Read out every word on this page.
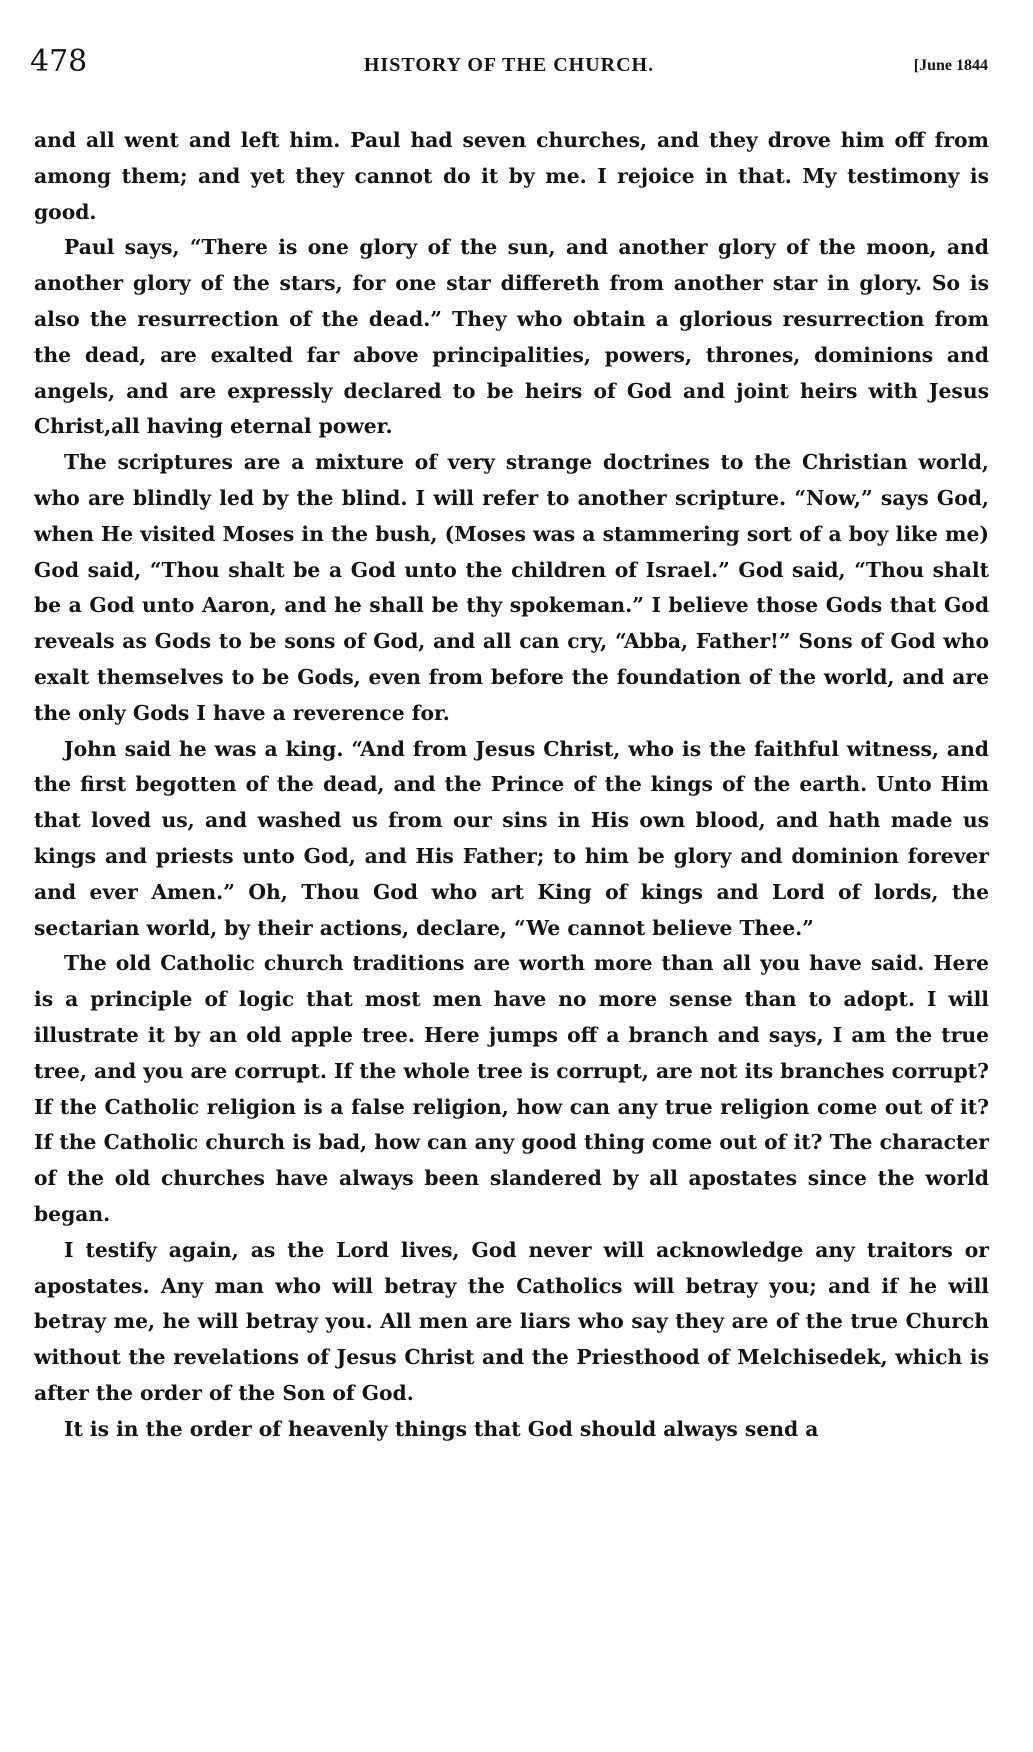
478	HISTORY OF THE CHURCH.	[June 1844

and all went and left him. Paul had seven churches, and they drove him off from among them; and yet they cannot do it by me. I rejoice in that. My testimony is good.

Paul says, “There is one glory of the sun, and another glory of the moon, and another glory of the stars, for one star differeth from another star in glory. So is also the resurrection of the dead.” They who obtain a glorious resurrection from the dead, are exalted far above principalities, powers, thrones, dominions and angels, and are expressly declared to be heirs of God and joint heirs with Jesus Christ,all having eternal power.

The scriptures are a mixture of very strange doctrines to the Christian world, who are blindly led by the blind. I will refer to another scripture. “Now,” says God, when He visited Moses in the bush, (Moses was a stammering sort of a boy like me) God said, “Thou shalt be a God unto the children of Israel.” God said, “Thou shalt be a God unto Aaron, and he shall be thy spokeman.” I believe those Gods that God reveals as Gods to be sons of God, and all can cry, “Abba, Father!” Sons of God who exalt themselves to be Gods, even from before the foundation of the world, and are the only Gods I have a reverence for.

John said he was a king. “And from Jesus Christ, who is the faithful witness, and the first begotten of the dead, and the Prince of the kings of the earth. Unto Him that loved us, and washed us from our sins in His own blood, and hath made us kings and priests unto God, and His Father; to him be glory and dominion forever and ever Amen.” Oh, Thou God who art King of kings and Lord of lords, the sectarian world, by their actions, declare, “We cannot believe Thee.”

The old Catholic church traditions are worth more than all you have said. Here is a principle of logic that most men have no more sense than to adopt. I will illustrate it by an old apple tree. Here jumps off a branch and says, I am the true tree, and you are corrupt. If the whole tree is corrupt, are not its branches corrupt? If the Catholic religion is a false religion, how can any true religion come out of it? If the Catholic church is bad, how can any good thing come out of it? The character of the old churches have always been slandered by all apostates since the world began.

I testify again, as the Lord lives, God never will acknowledge any traitors or apostates. Any man who will betray the Catholics will betray you; and if he will betray me, he will betray you. All men are liars who say they are of the true Church without the revelations of Jesus Christ and the Priesthood of Melchisedek, which is after the order of the Son of God.

It is in the order of heavenly things that God should always send a
